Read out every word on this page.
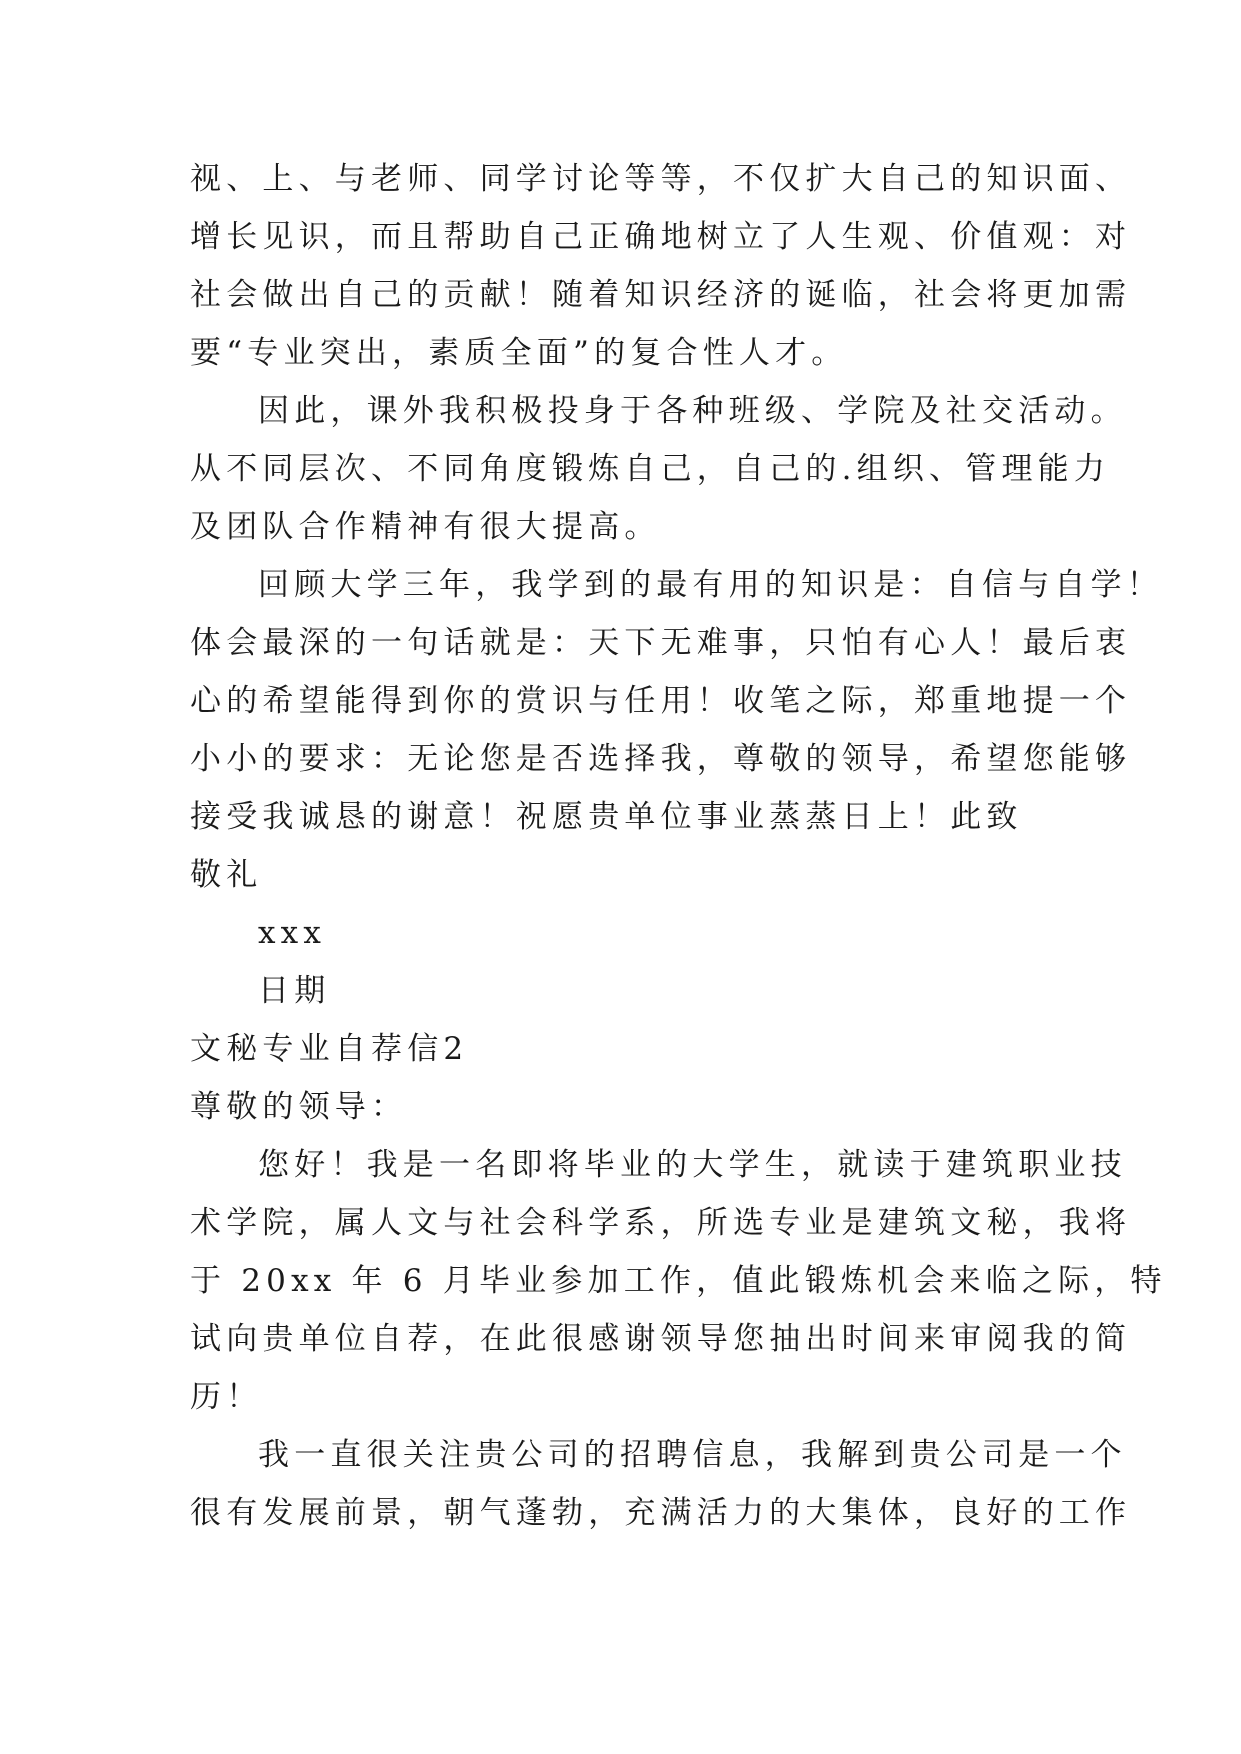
视、上、与老师、同学讨论等等，不仅扩大自己的知识面、
增长见识，而且帮助自己正确地树立了人生观、价值观：对
社会做出自己的贡献！随着知识经济的诞临，社会将更加需
要“专业突出，素质全面”的复合性人才。
因此，课外我积极投身于各种班级、学院及社交活动。
从不同层次、不同角度锻炼自己，自己的.组织、管理能力
及团队合作精神有很大提高。
回顾大学三年，我学到的最有用的知识是：自信与自学！
体会最深的一句话就是：天下无难事，只怕有心人！最后衷
心的希望能得到你的赏识与任用！收笔之际，郑重地提一个
小小的要求：无论您是否选择我，尊敬的领导，希望您能够
接受我诚恳的谢意！祝愿贵单位事业蒸蒸日上！此致
敬礼
xxx
日期
文秘专业自荐信2
尊敬的领导：
您好！我是一名即将毕业的大学生，就读于建筑职业技
术学院，属人文与社会科学系，所选专业是建筑文秘，我将
于 20xx 年 6 月毕业参加工作，值此锻炼机会来临之际，特
试向贵单位自荐，在此很感谢领导您抽出时间来审阅我的简
历！
我一直很关注贵公司的招聘信息，我解到贵公司是一个
很有发展前景，朝气蓬勃，充满活力的大集体，良好的工作
